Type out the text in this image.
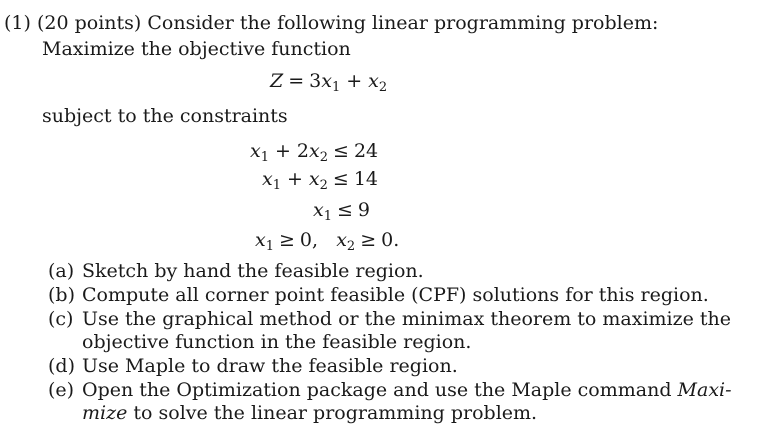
(1) (20 points) Consider the following linear programming problem:
Maximize the objective function
$Z = 3x_1 + x_2$
subject to the constraints
$x_1 + 2x_2 \le 24$
$x_1 + x_2 \le 14$
$x_1 \le 9$
$x_1 \ge 0$, $x_2 \ge 0$.
(a) Sketch by hand the feasible region.
(b) Compute all corner point feasible (CPF) solutions for this region.
(c) Use the graphical method or the minimax theorem to maximize the
objective function in the feasible region.
(d) Use Maple to draw the feasible region.
(e) Open the Optimization package and use the Maple command Maxi-
mize to solve the linear programming problem.
